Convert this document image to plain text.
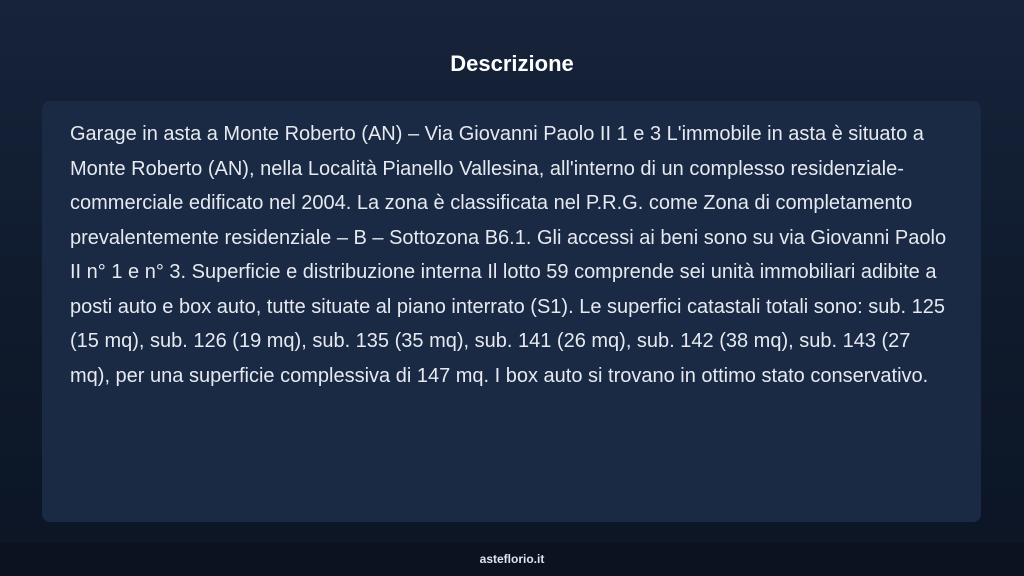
Descrizione

Garage in asta a Monte Roberto (AN) – Via Giovanni Paolo II 1 e 3 L'immobile in asta è situato a Monte Roberto (AN), nella Località Pianello Vallesina, all'interno di un complesso residenziale-commerciale edificato nel 2004. La zona è classificata nel P.R.G. come Zona di completamento prevalentemente residenziale – B – Sottozona B6.1. Gli accessi ai beni sono su via Giovanni Paolo II n° 1 e n° 3. Superficie e distribuzione interna Il lotto 59 comprende sei unità immobiliari adibite a posti auto e box auto, tutte situate al piano interrato (S1). Le superfici catastali totali sono: sub. 125 (15 mq), sub. 126 (19 mq), sub. 135 (35 mq), sub. 141 (26 mq), sub. 142 (38 mq), sub. 143 (27 mq), per una superficie complessiva di 147 mq. I box auto si trovano in ottimo stato conservativo.

asteflorio.it
